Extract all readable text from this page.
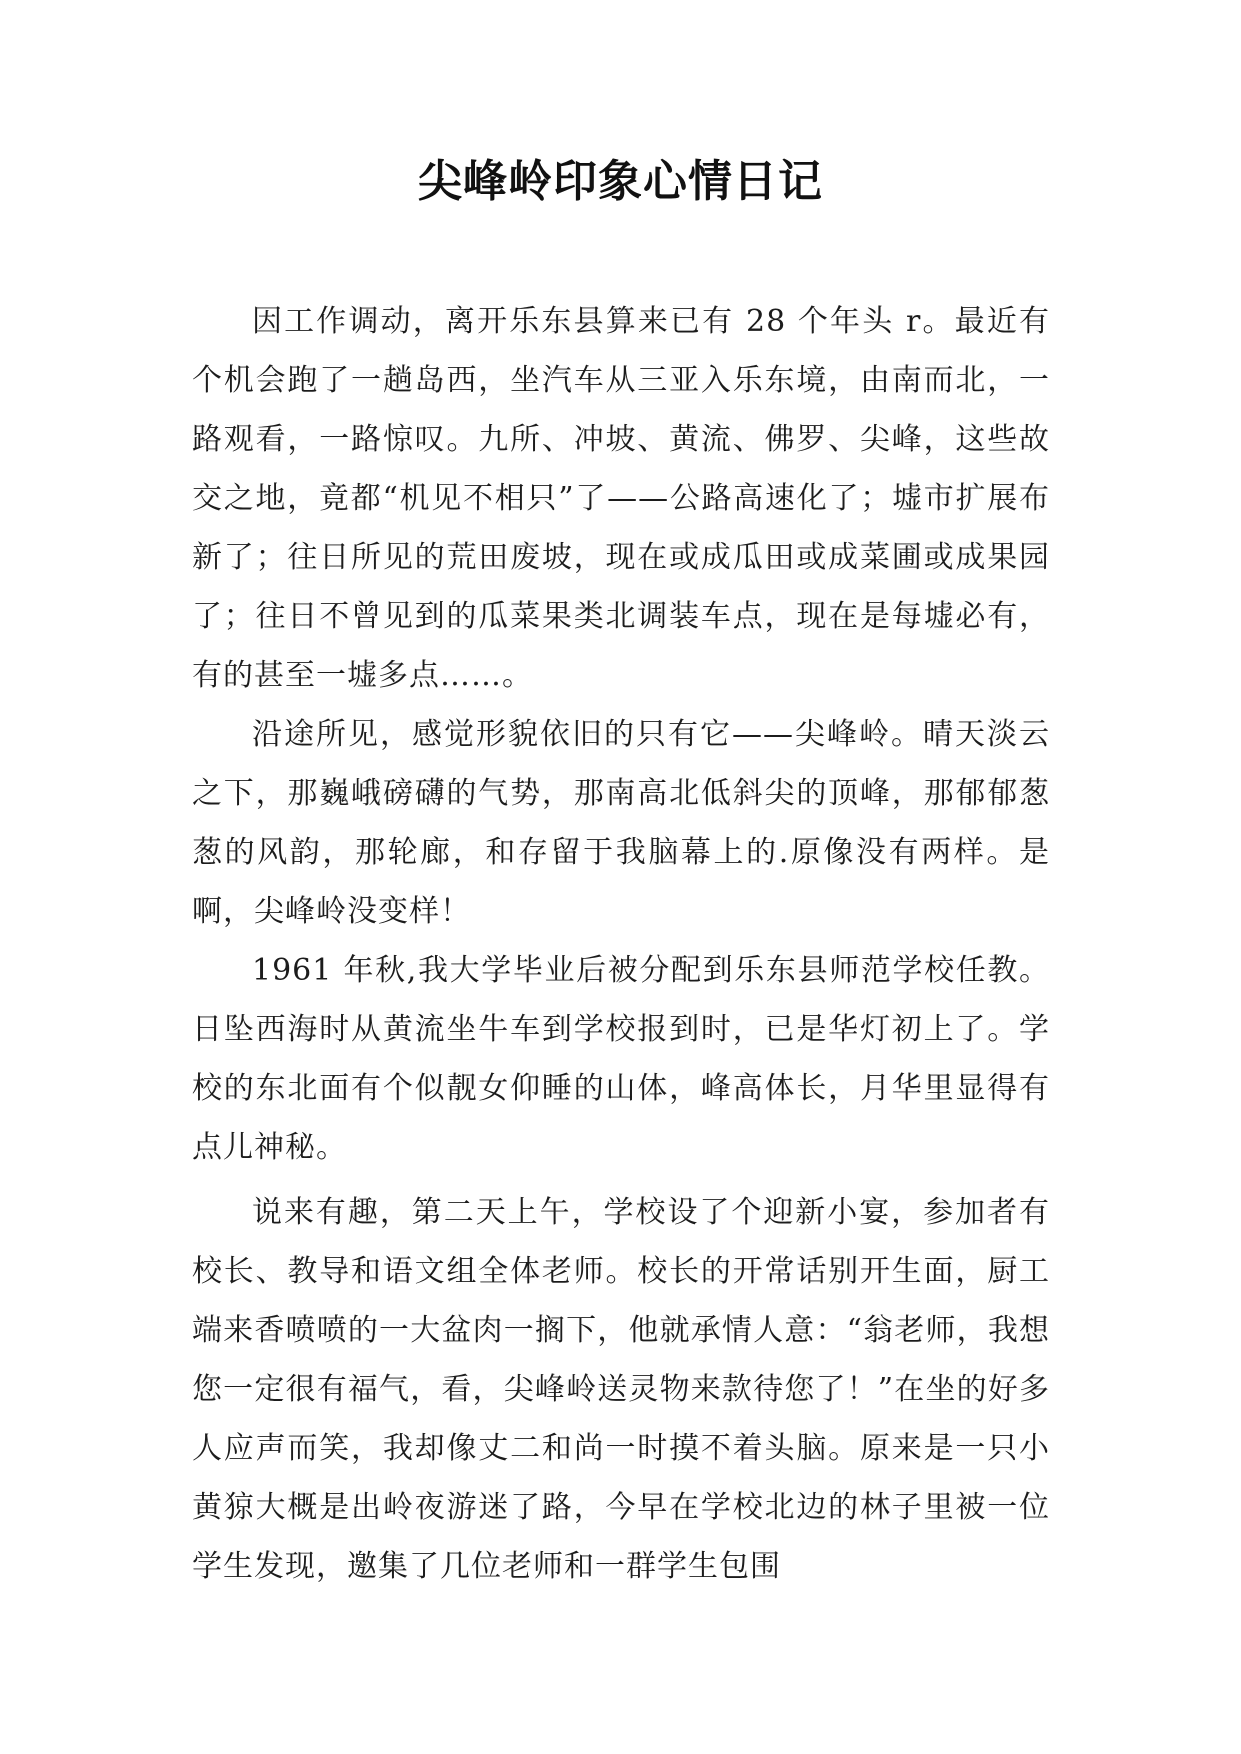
尖峰岭印象心情日记

因工作调动，离开乐东县算来已有 28 个年头 r。最近有个机会跑了一趟岛西，坐汽车从三亚入乐东境，由南而北，一路观看，一路惊叹。九所、冲坡、黄流、佛罗、尖峰，这些故交之地，竟都“机见不相只”了——公路高速化了；墟市扩展布新了；往日所见的荒田废坡，现在或成瓜田或成菜圃或成果园了；往日不曾见到的瓜菜果类北调装车点，现在是每墟必有，有的甚至一墟多点……。

沿途所见，感觉形貌依旧的只有它——尖峰岭。晴天淡云之下，那巍峨磅礴的气势，那南高北低斜尖的顶峰，那郁郁葱葱的风韵，那轮廊，和存留于我脑幕上的.原像没有两样。是啊，尖峰岭没变样！

1961 年秋,我大学毕业后被分配到乐东县师范学校任教。日坠西海时从黄流坐牛车到学校报到时，已是华灯初上了。学校的东北面有个似靓女仰睡的山体，峰高体长，月华里显得有点儿神秘。

说来有趣，第二天上午，学校设了个迎新小宴，参加者有校长、教导和语文组全体老师。校长的开常话别开生面，厨工端来香喷喷的一大盆肉一搁下，他就承情人意：“翁老师，我想您一定很有福气，看，尖峰岭送灵物来款待您了！”在坐的好多人应声而笑，我却像丈二和尚一时摸不着头脑。原来是一只小黄猄大概是出岭夜游迷了路，今早在学校北边的林子里被一位学生发现，邀集了几位老师和一群学生包围
